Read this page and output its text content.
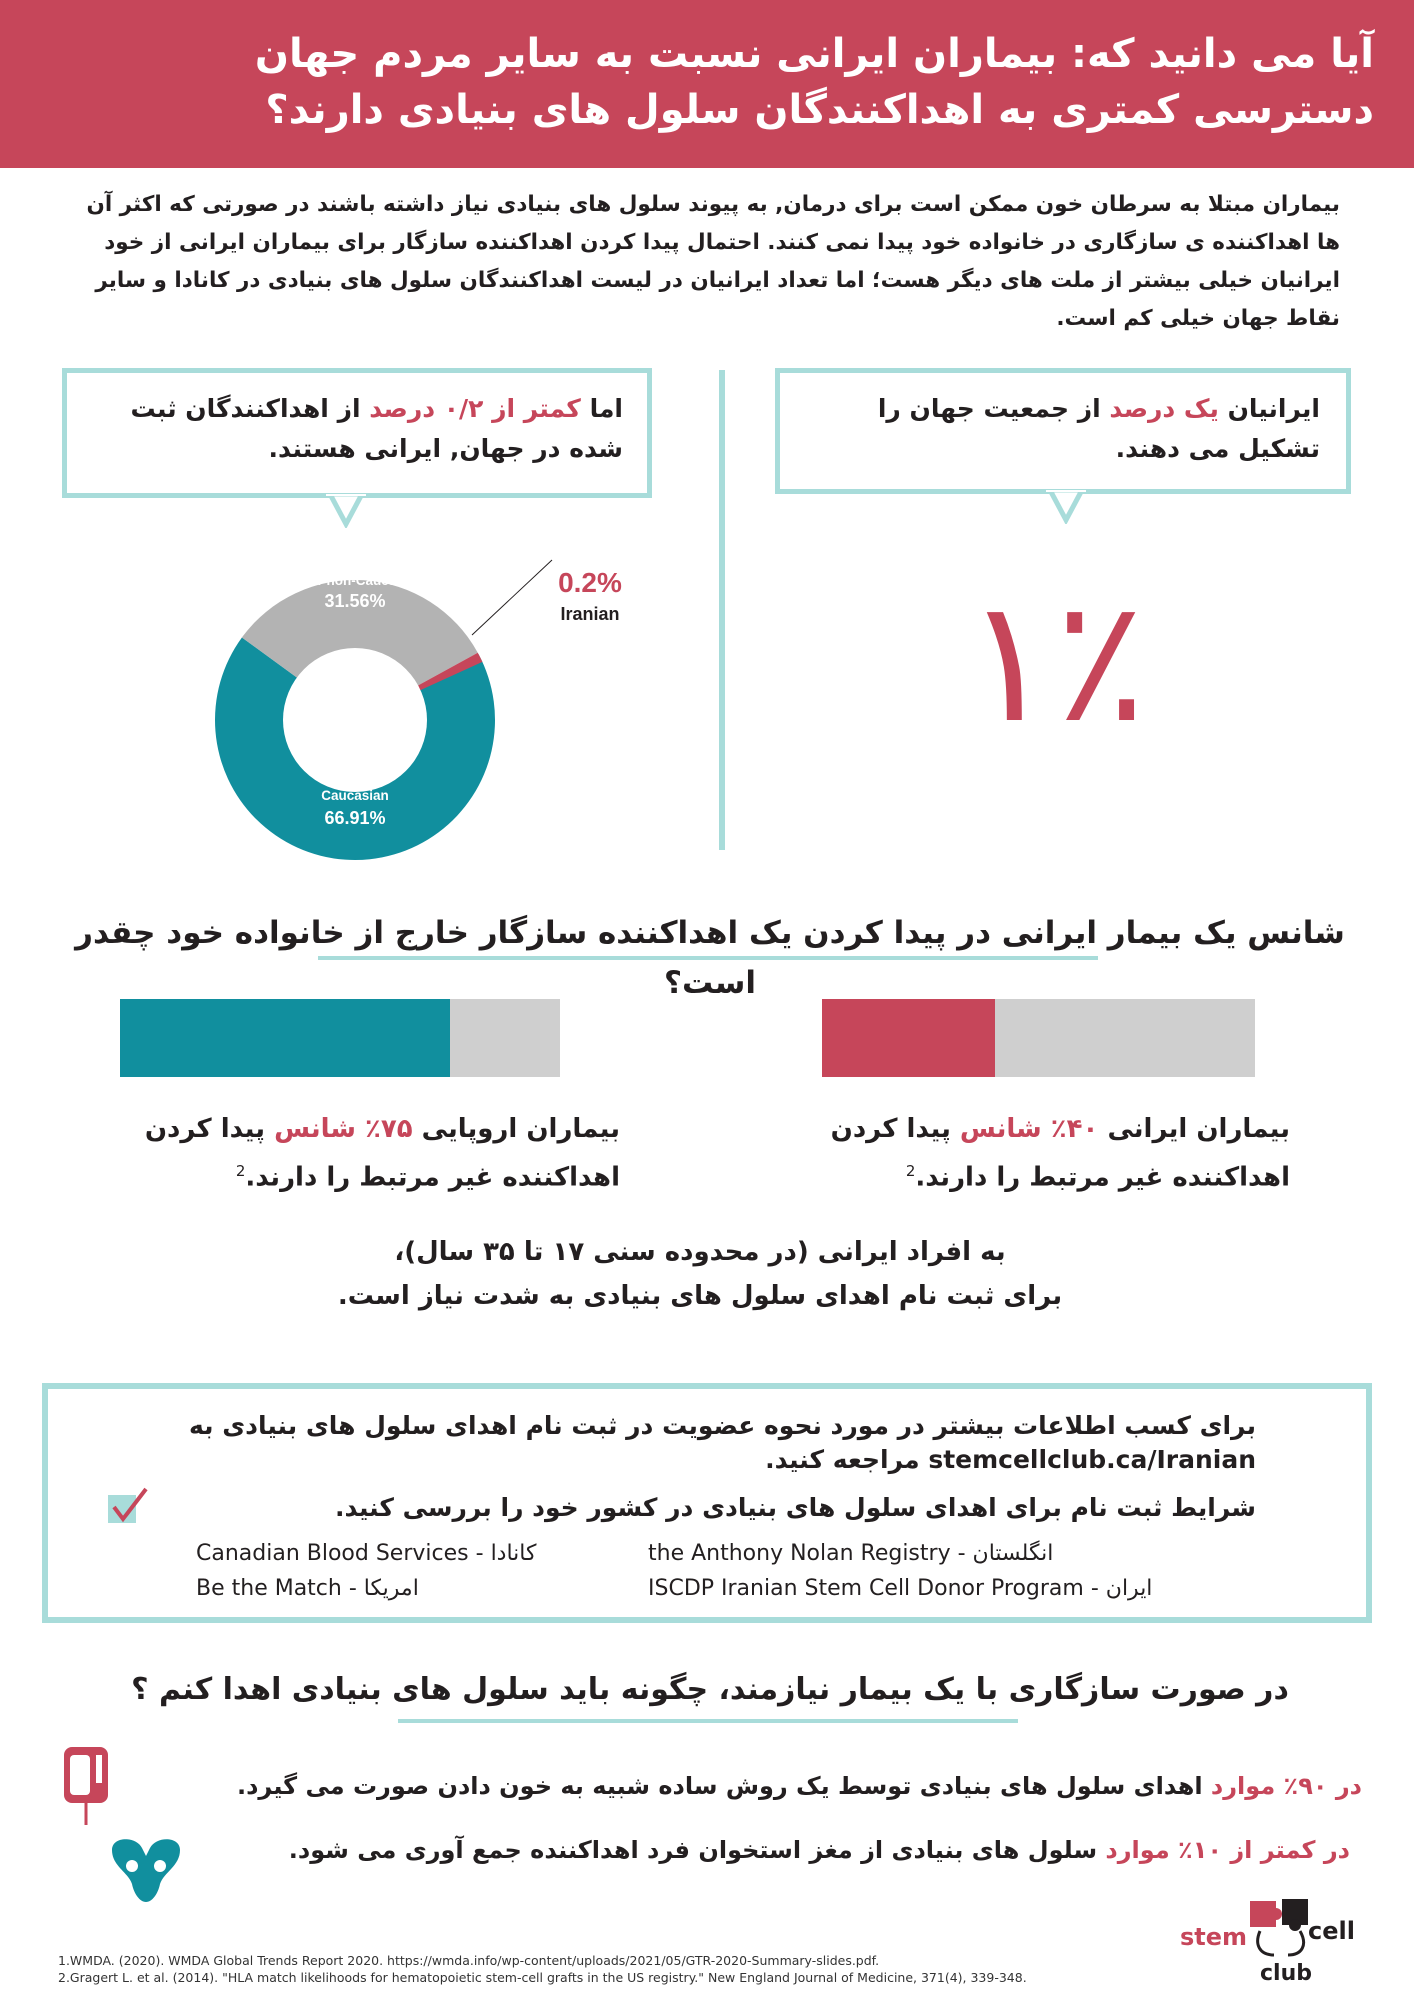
آیا می دانید که: بیماران ایرانی نسبت به سایر مردم جهان دسترسی کمتری به اهداکنندگان سلول های بنیادی دارند؟
بیماران مبتلا به سرطان خون ممکن است برای درمان, به پیوند سلول های بنیادی نیاز داشته باشند در صورتی که اکثر آن ها اهداکننده ی سازگاری در خانواده خود پیدا نمی کنند. احتمال پیدا کردن اهداکننده سازگار برای بیماران ایرانی از خود ایرانیان خیلی بیشتر از ملت های دیگر هست؛ اما تعداد ایرانیان در لیست اهداکنندگان سلول های بنیادی در کانادا و سایر نقاط جهان خیلی کم است.
اما کمتر از ۰/۲ درصد از اهداکنندگان ثبت شده در جهان, ایرانی هستند.
ایرانیان یک درصد از جمعیت جهان را تشکیل می دهند.
۱٪
Other non-Caucasian
31.56%
Caucasian
66.91%
0.2%
Iranian
شانس یک بیمار ایرانی در پیدا کردن یک اهداکننده سازگار خارج از خانواده خود چقدر است؟
بیماران اروپایی ۷۵٪ شانس پیدا کردن اهداکننده غیر مرتبط را دارند.$^2$
بیماران ایرانی ۴۰٪ شانس پیدا کردن اهداکننده غیر مرتبط را دارند.$^2$
به افراد ایرانی (در محدوده سنی ۱۷ تا ۳۵ سال)،
برای ثبت نام اهدای سلول های بنیادی به شدت نیاز است.
برای کسب اطلاعات بیشتر در مورد نحوه عضویت در ثبت نام اهدای سلول های بنیادی به stemcellclub.ca/Iranian مراجعه کنید.
شرایط ثبت نام برای اهدای سلول های بنیادی در کشور خود را بررسی کنید.
Canadian Blood Services - کانادا
Be the Match - امریکا
the Anthony Nolan Registry - انگلستان
ISCDP Iranian Stem Cell Donor Program - ایران
در صورت سازگاری با یک بیمار نیازمند، چگونه باید سلول های بنیادی اهدا کنم ؟
در ۹۰٪ موارد اهدای سلول های بنیادی توسط یک روش ساده شبیه به خون دادن صورت می گیرد.
در کمتر از ۱۰٪ موارد سلول های بنیادی از مغز استخوان فرد اهداکننده جمع آوری می شود.
1.WMDA. (2020). WMDA Global Trends Report 2020. https://wmda.info/wp-content/uploads/2021/05/GTR-2020-Summary-slides.pdf.
2.Gragert L. et al. (2014). "HLA match likelihoods for hematopoietic stem-cell grafts in the US registry." New England Journal of Medicine, 371(4), 339-348.
stem	cell
club
